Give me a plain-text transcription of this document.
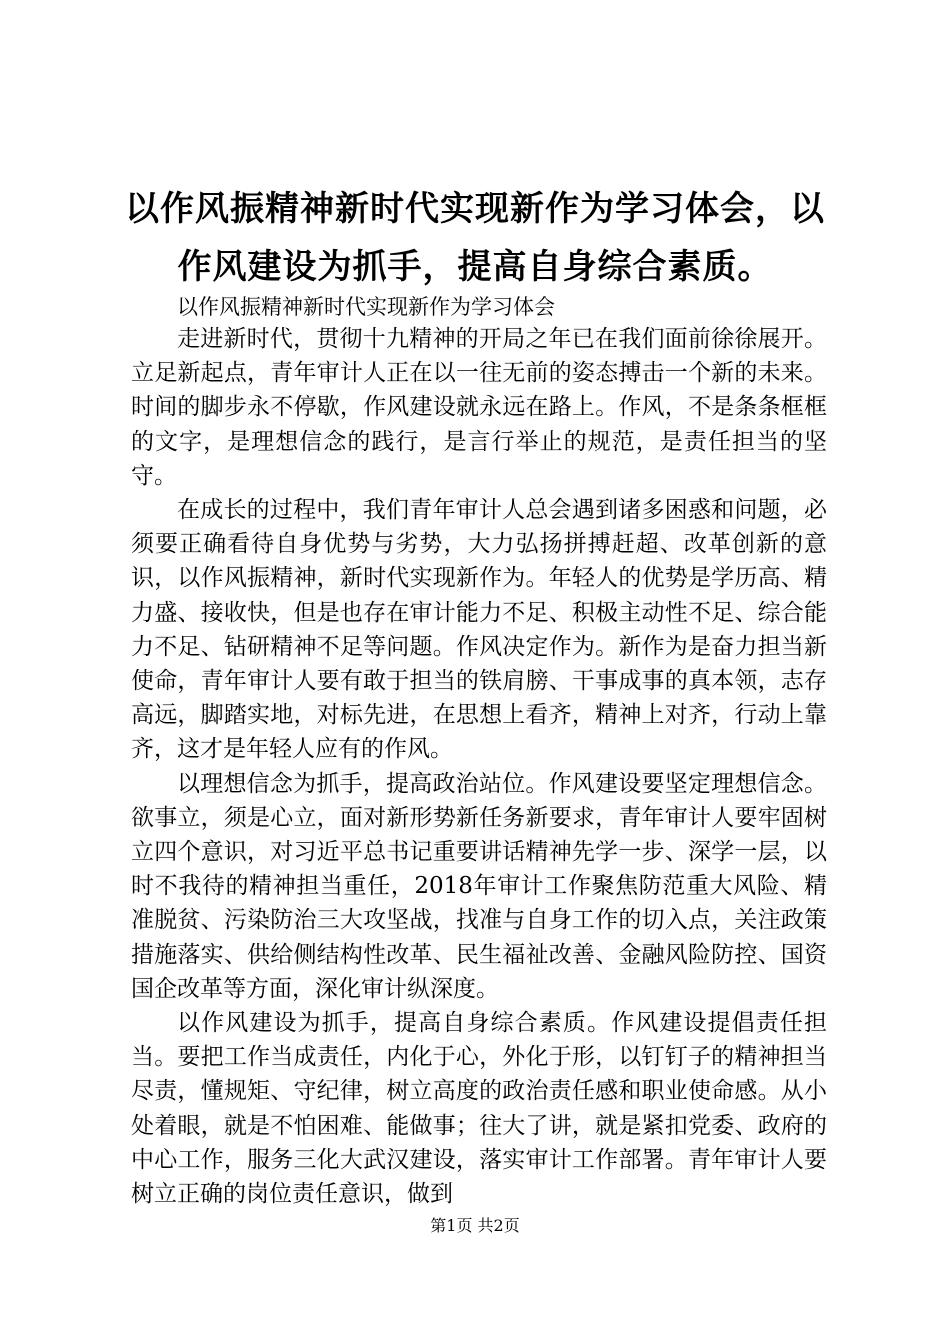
以作风振精神新时代实现新作为学习体会，以
作风建设为抓手，提高自身综合素质。

以作风振精神新时代实现新作为学习体会

走进新时代，贯彻十九精神的开局之年已在我们面前徐徐展开。立足新起点，青年审计人正在以一往无前的姿态搏击一个新的未来。时间的脚步永不停歇，作风建设就永远在路上。作风，不是条条框框的文字，是理想信念的践行，是言行举止的规范，是责任担当的坚守。

在成长的过程中，我们青年审计人总会遇到诸多困惑和问题，必须要正确看待自身优势与劣势，大力弘扬拼搏赶超、改革创新的意识，以作风振精神，新时代实现新作为。年轻人的优势是学历高、精力盛、接收快，但是也存在审计能力不足、积极主动性不足、综合能力不足、钻研精神不足等问题。作风决定作为。新作为是奋力担当新使命，青年审计人要有敢于担当的铁肩膀、干事成事的真本领，志存高远，脚踏实地，对标先进，在思想上看齐，精神上对齐，行动上靠齐，这才是年轻人应有的作风。

以理想信念为抓手，提高政治站位。作风建设要坚定理想信念。欲事立，须是心立，面对新形势新任务新要求，青年审计人要牢固树立四个意识，对习近平总书记重要讲话精神先学一步、深学一层，以时不我待的精神担当重任，2018年审计工作聚焦防范重大风险、精准脱贫、污染防治三大攻坚战，找准与自身工作的切入点，关注政策措施落实、供给侧结构性改革、民生福祉改善、金融风险防控、国资国企改革等方面，深化审计纵深度。

以作风建设为抓手，提高自身综合素质。作风建设提倡责任担当。要把工作当成责任，内化于心，外化于形，以钉钉子的精神担当尽责，懂规矩、守纪律，树立高度的政治责任感和职业使命感。从小处着眼，就是不怕困难、能做事；往大了讲，就是紧扣党委、政府的中心工作，服务三化大武汉建设，落实审计工作部署。青年审计人要树立正确的岗位责任意识，做到

第1页 共2页
